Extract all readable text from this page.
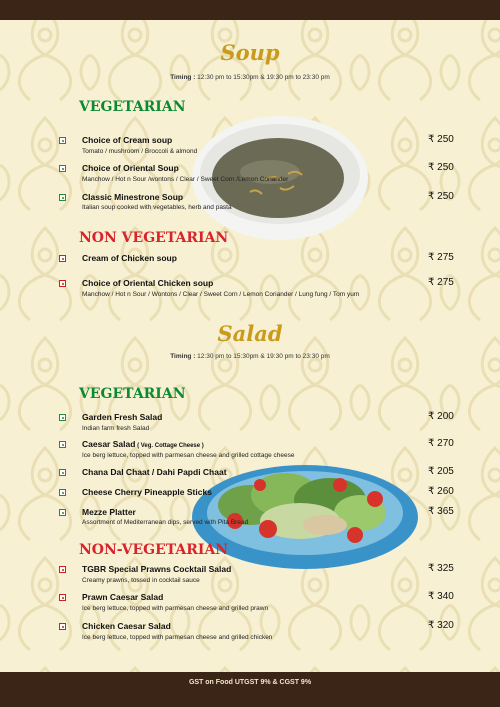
Soup
Timing : 12:30 pm to 15:30pm & 19:30 pm to 23:30 pm
VEGETARIAN
Choice of Cream soup
Tomato / mushroom / Broccoli & almond
₹ 250
Choice of Oriental Soup
Manchow / Hot n Sour /wontons / Clear / Sweet Corn /Lemon Coriander
₹ 250
Classic Minestrone Soup
Italian soup cooked with vegetables, herb and pasta
₹ 250
NON VEGETARIAN
Cream of Chicken soup	₹ 275
Choice of Oriental Chicken soup
Manchow / Hot n Sour / Wontons / Clear / Sweet Corn / Lemon Coriander / Lung fung / Tom yum
₹ 275
Salad
Timing : 12:30 pm to 15:30pm & 19:30 pm to 23:30 pm
VEGETARIAN
Garden Fresh Salad
Indian farm fresh Salad
₹ 200
Caesar Salad ( Veg. Cottage Cheese )
Ice berg lettuce, topped with parmesan cheese and grilled cottage cheese
₹ 270
Chana Dal Chaat / Dahi Papdi Chaat	₹ 205
Cheese Cherry Pineapple Sticks	₹ 260
Mezze Platter
Assortment of Mediterranean dips, served with Pita Bread
₹ 365
NON-VEGETARIAN
TGBR Special Prawns Cocktail Salad
Creamy prawns, tossed in cocktail sauce
₹ 325
Prawn Caesar Salad
Ice berg lettuce, topped with parmesan cheese and grilled prawn
₹ 340
Chicken Caesar Salad
Ice berg lettuce, topped with parmesan cheese and grilled chicken
₹ 320
GST on Food UTGST 9% & CGST 9%
